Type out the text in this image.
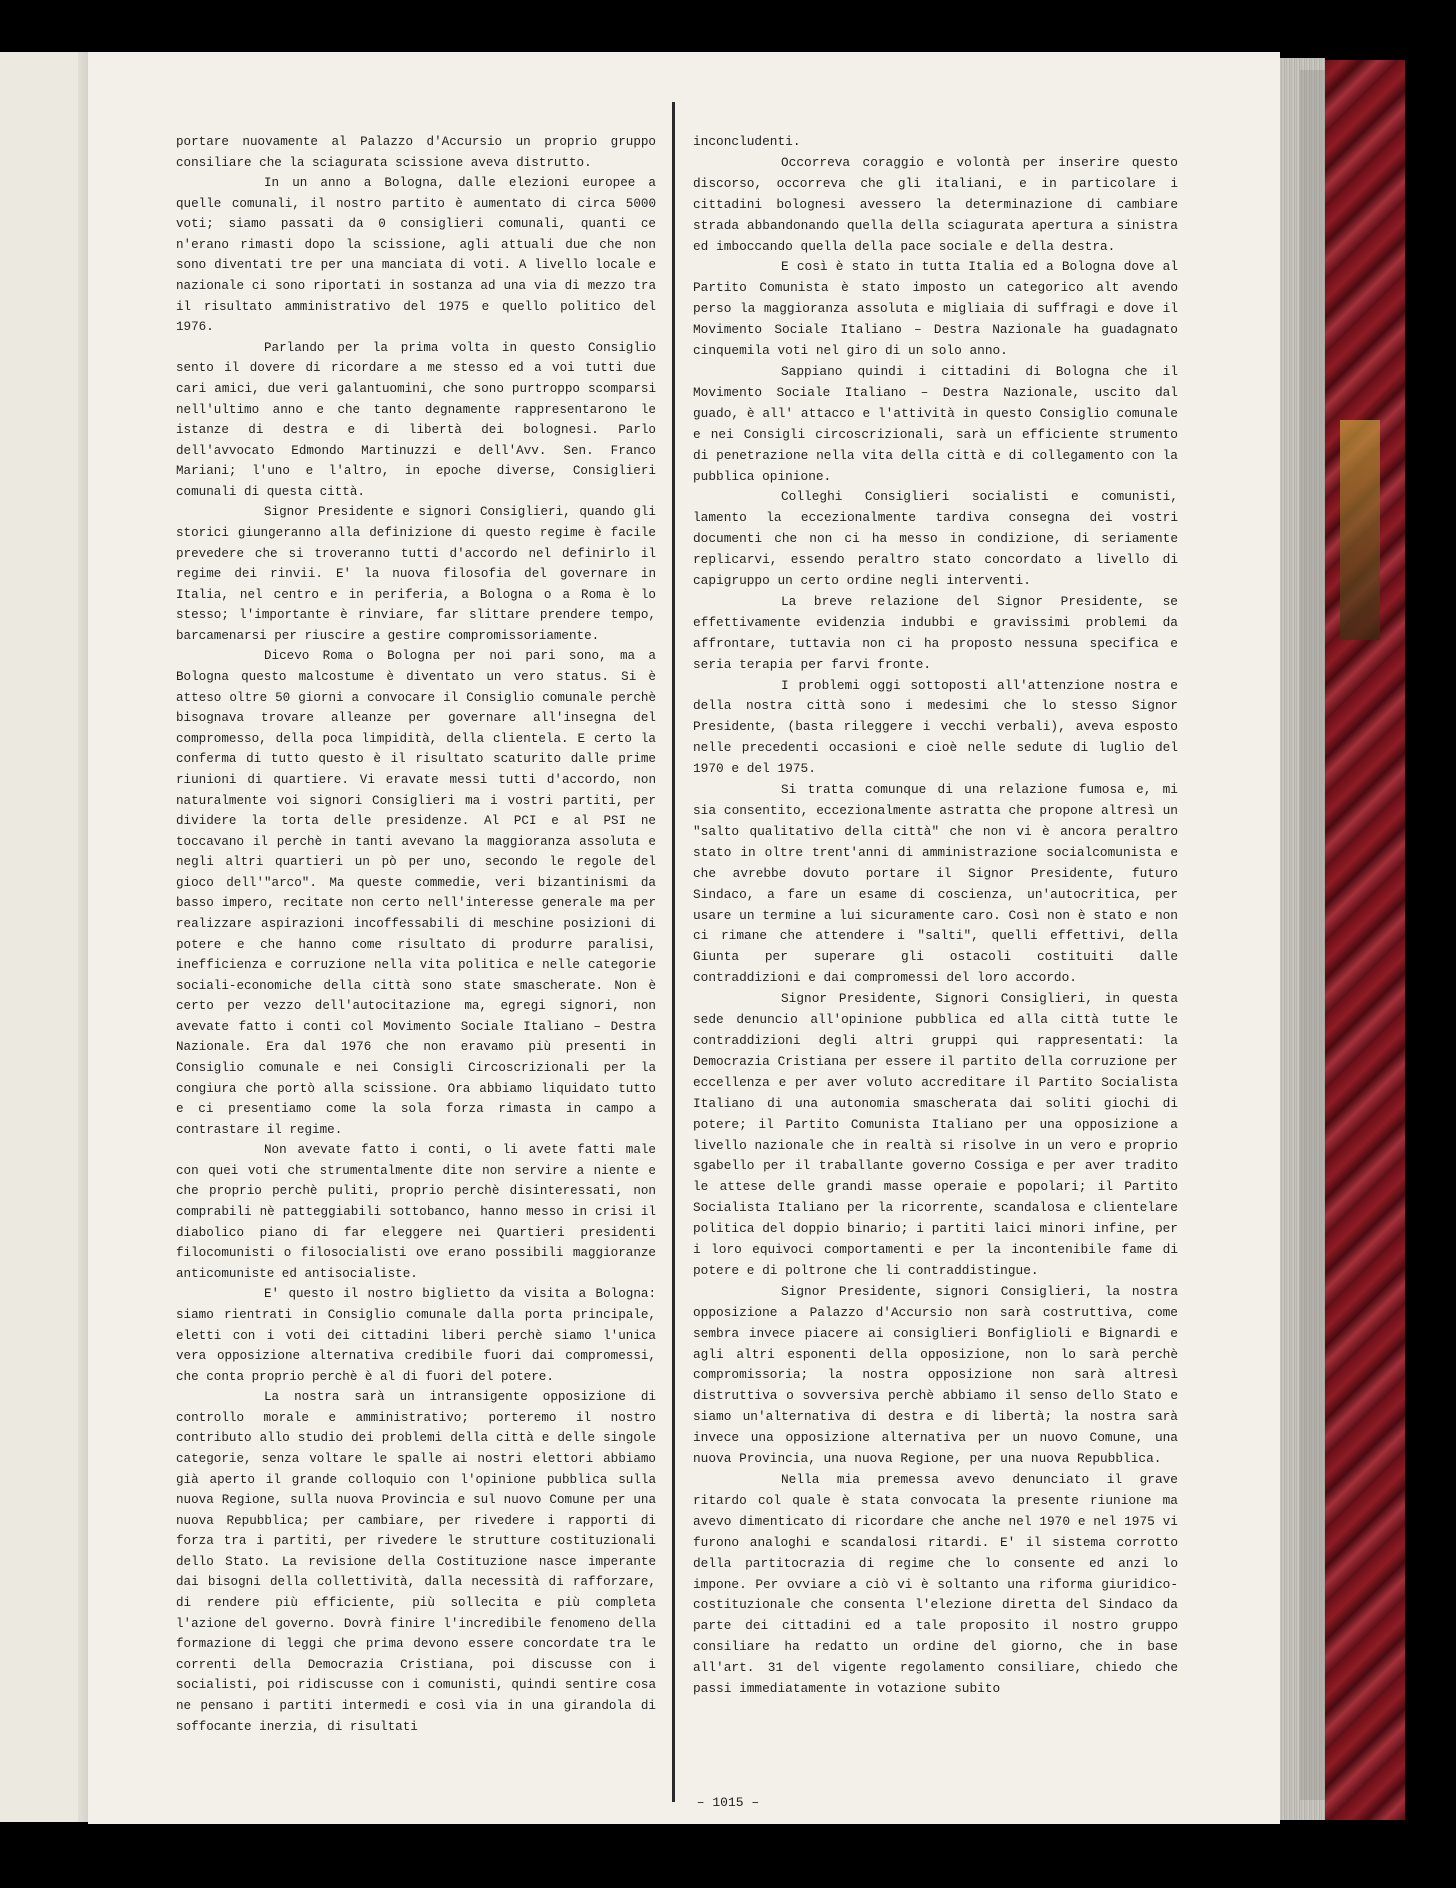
portare nuovamente al Palazzo d'Accursio un proprio gruppo consiliare che la sciagurata scissione aveva distrutto.

In un anno a Bologna, dalle elezioni europee a quelle comunali, il nostro partito è aumentato di circa 5000 voti; siamo passati da 0 consiglieri comunali, quanti ce n'erano rimasti dopo la scissione, agli attuali due che non sono diventati tre per una manciata di voti. A livello locale e nazionale ci sono riportati in sostanza ad una via di mezzo tra il risultato amministrativo del 1975 e quello politico del 1976.

Parlando per la prima volta in questo Consiglio sento il dovere di ricordare a me stesso ed a voi tutti due cari amici, due veri galantuomini, che sono purtroppo scomparsi nell'ultimo anno e che tanto degnamente rappresentarono le istanze di destra e di libertà dei bolognesi. Parlo dell'avvocato Edmondo Martinuzzi e dell'Avv. Sen. Franco Mariani; l'uno e l'altro, in epoche diverse, Consiglieri comunali di questa città.

Signor Presidente e signori Consiglieri, quando gli storici giungeranno alla definizione di questo regime è facile prevedere che si troveranno tutti d'accordo nel definirlo il regime dei rinvii. E' la nuova filosofia del governare in Italia, nel centro e in periferia, a Bologna o a Roma è lo stesso; l'importante è rinviare, far slittare prendere tempo, barcamenarsi per riuscire a gestire compromissoriamente.

Dicevo Roma o Bologna per noi pari sono, ma a Bologna questo malcostume è diventato un vero status. Si è atteso oltre 50 giorni a convocare il Consiglio comunale perchè bisognava trovare alleanze per governare all'insegna del compromesso, della poca limpidità, della clientela. E certo la conferma di tutto questo è il risultato scaturito dalle prime riunioni di quartiere. Vi eravate messi tutti d'accordo, non naturalmente voi signori Consiglieri ma i vostri partiti, per dividere la torta delle presidenze. Al PCI e al PSI ne toccavano il perchè in tanti avevano la maggioranza assoluta e negli altri quartieri un pò per uno, secondo le regole del gioco dell'"arco". Ma queste commedie, veri bizantinismi da basso impero, recitate non certo nell'interesse generale ma per realizzare aspirazioni incoffessabili di meschine posizioni di potere e che hanno come risultato di produrre paralisi, inefficienza e corruzione nella vita politica e nelle categorie sociali-economiche della città sono state smascherate. Non è certo per vezzo dell'autocitazione ma, egregi signori, non avevate fatto i conti col Movimento Sociale Italiano – Destra Nazionale. Era dal 1976 che non eravamo più presenti in Consiglio comunale e nei Consigli Circoscrizionali per la congiura che portò alla scissione. Ora abbiamo liquidato tutto e ci presentiamo come la sola forza rimasta in campo a contrastare il regime.

Non avevate fatto i conti, o li avete fatti male con quei voti che strumentalmente dite non servire a niente e che proprio perchè puliti, proprio perchè disinteressati, non comprabili nè patteggiabili sottobanco, hanno messo in crisi il diabolico piano di far eleggere nei Quartieri presidenti filocomunisti o filosocialisti ove erano possibili maggioranze anticomuniste ed antisocialiste.

E' questo il nostro biglietto da visita a Bologna: siamo rientrati in Consiglio comunale dalla porta principale, eletti con i voti dei cittadini liberi perchè siamo l'unica vera opposizione alternativa credibile fuori dai compromessi, che conta proprio perchè è al di fuori del potere.

La nostra sarà un intransigente opposizione di controllo morale e amministrativo; porteremo il nostro contributo allo studio dei problemi della città e delle singole categorie, senza voltare le spalle ai nostri elettori abbiamo già aperto il grande colloquio con l'opinione pubblica sulla nuova Regione, sulla nuova Provincia e sul nuovo Comune per una nuova Repubblica; per cambiare, per rivedere i rapporti di forza tra i partiti, per rivedere le strutture costituzionali dello Stato. La revisione della Costituzione nasce imperante dai bisogni della collettività, dalla necessità di rafforzare, di rendere più efficiente, più sollecita e più completa l'azione del governo. Dovrà finire l'incredibile fenomeno della formazione di leggi che prima devono essere concordate tra le correnti della Democrazia Cristiana, poi discusse con i socialisti, poi ridiscusse con i comunisti, quindi sentire cosa ne pensano i partiti intermedi e così via in una girandola di soffocante inerzia, di risultati

inconcludenti.

Occorreva coraggio e volontà per inserire questo discorso, occorreva che gli italiani, e in particolare i cittadini bolognesi avessero la determinazione di cambiare strada abbandonando quella della sciagurata apertura a sinistra ed imboccando quella della pace sociale e della destra.

E così è stato in tutta Italia ed a Bologna dove al Partito Comunista è stato imposto un categorico alt avendo perso la maggioranza assoluta e migliaia di suffragi e dove il Movimento Sociale Italiano – Destra Nazionale ha guadagnato cinquemila voti nel giro di un solo anno.

Sappiano quindi i cittadini di Bologna che il Movimento Sociale Italiano – Destra Nazionale, uscito dal guado, è all' attacco e l'attività in questo Consiglio comunale e nei Consigli circoscrizionali, sarà un efficiente strumento di penetrazione nella vita della città e di collegamento con la pubblica opinione.

Colleghi Consiglieri socialisti e comunisti, lamento la eccezionalmente tardiva consegna dei vostri documenti che non ci ha messo in condizione, di seriamente replicarvi, essendo peraltro stato concordato a livello di capigruppo un certo ordine negli interventi.

La breve relazione del Signor Presidente, se effettivamente evidenzia indubbi e gravissimi problemi da affrontare, tuttavia non ci ha proposto nessuna specifica e seria terapia per farvi fronte.

I problemi oggi sottoposti all'attenzione nostra e della nostra città sono i medesimi che lo stesso Signor Presidente, (basta rileggere i vecchi verbali), aveva esposto nelle precedenti occasioni e cioè nelle sedute di luglio del 1970 e del 1975.

Si tratta comunque di una relazione fumosa e, mi sia consentito, eccezionalmente astratta che propone altresì un "salto qualitativo della città" che non vi è ancora peraltro stato in oltre trent'anni di amministrazione socialcomunista e che avrebbe dovuto portare il Signor Presidente, futuro Sindaco, a fare un esame di coscienza, un'autocritica, per usare un termine a lui sicuramente caro. Così non è stato e non ci rimane che attendere i "salti", quelli effettivi, della Giunta per superare gli ostacoli costituiti dalle contraddizioni e dai compromessi del loro accordo.

Signor Presidente, Signori Consiglieri, in questa sede denuncio all'opinione pubblica ed alla città tutte le contraddizioni degli altri gruppi qui rappresentati: la Democrazia Cristiana per essere il partito della corruzione per eccellenza e per aver voluto accreditare il Partito Socialista Italiano di una autonomia smascherata dai soliti giochi di potere; il Partito Comunista Italiano per una opposizione a livello nazionale che in realtà si risolve in un vero e proprio sgabello per il traballante governo Cossiga e per aver tradito le attese delle grandi masse operaie e popolari; il Partito Socialista Italiano per la ricorrente, scandalosa e clientelare politica del doppio binario; i partiti laici minori infine, per i loro equivoci comportamenti e per la incontenibile fame di potere e di poltrone che li contraddistingue.

Signor Presidente, signori Consiglieri, la nostra opposizione a Palazzo d'Accursio non sarà costruttiva, come sembra invece piacere ai consiglieri Bonfiglioli e Bignardi e agli altri esponenti della opposizione, non lo sarà perchè compromissoria; la nostra opposizione non sarà altresì distruttiva o sovversiva perchè abbiamo il senso dello Stato e siamo un'alternativa di destra e di libertà; la nostra sarà invece una opposizione alternativa per un nuovo Comune, una nuova Provincia, una nuova Regione, per una nuova Repubblica.

Nella mia premessa avevo denunciato il grave ritardo col quale è stata convocata la presente riunione ma avevo dimenticato di ricordare che anche nel 1970 e nel 1975 vi furono analoghi e scandalosi ritardi. E' il sistema corrotto della partitocrazia di regime che lo consente ed anzi lo impone. Per ovviare a ciò vi è soltanto una riforma giuridico-costituzionale che consenta l'elezione diretta del Sindaco da parte dei cittadini ed a tale proposito il nostro gruppo consiliare ha redatto un ordine del giorno, che in base all'art. 31 del vigente regolamento consiliare, chiedo che passi immediatamente in votazione subito

– 1015 –
